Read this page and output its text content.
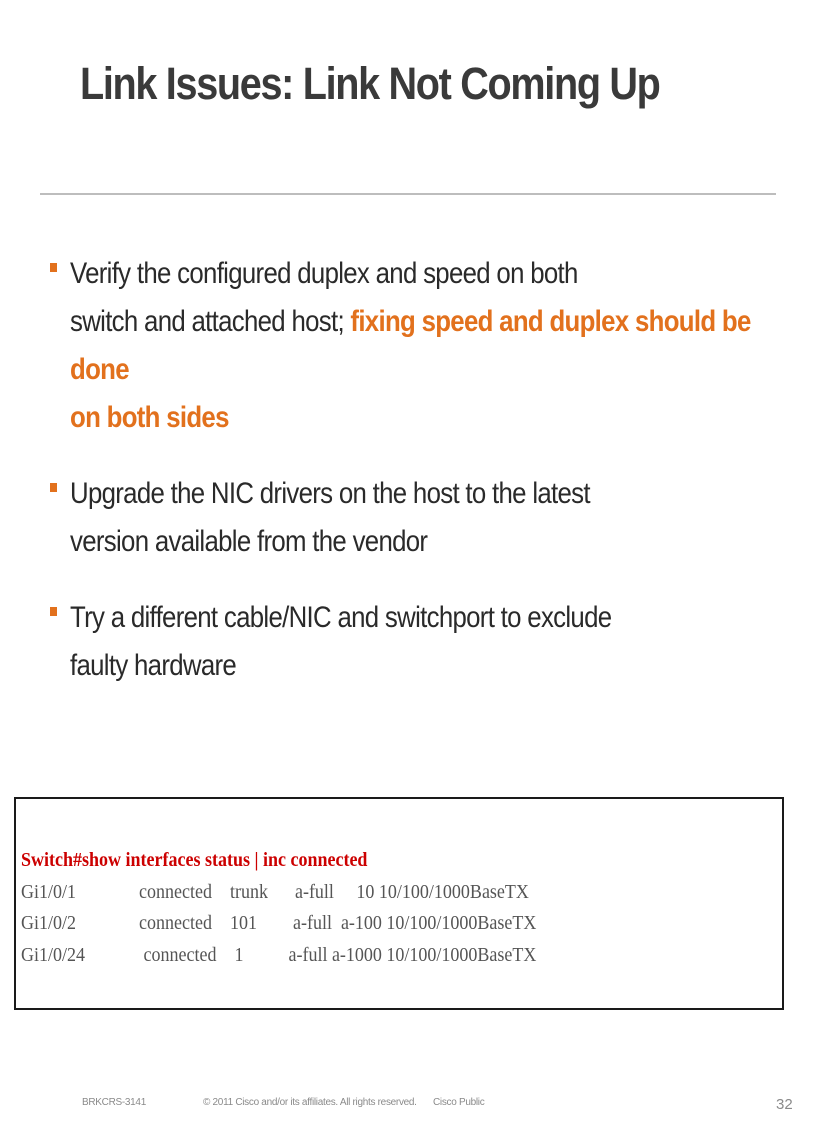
Link Issues: Link Not Coming Up
Verify the configured duplex and speed on both
switch and attached host; fixing speed and duplex should be done
on both sides
Upgrade the NIC drivers on the host to the latest
version available from the vendor
Try a different cable/NIC and switchport to exclude
faulty hardware
Switch#show interfaces status | inc connected
Gi1/0/1              connected    trunk      a-full     10 10/100/1000BaseTX
Gi1/0/2              connected    101        a-full  a-100 10/100/1000BaseTX
Gi1/0/24             connected    1          a-full a-1000 10/100/1000BaseTX
BRKCRS-3141	© 2011 Cisco and/or its affiliates. All rights reserved. Cisco Public	32
